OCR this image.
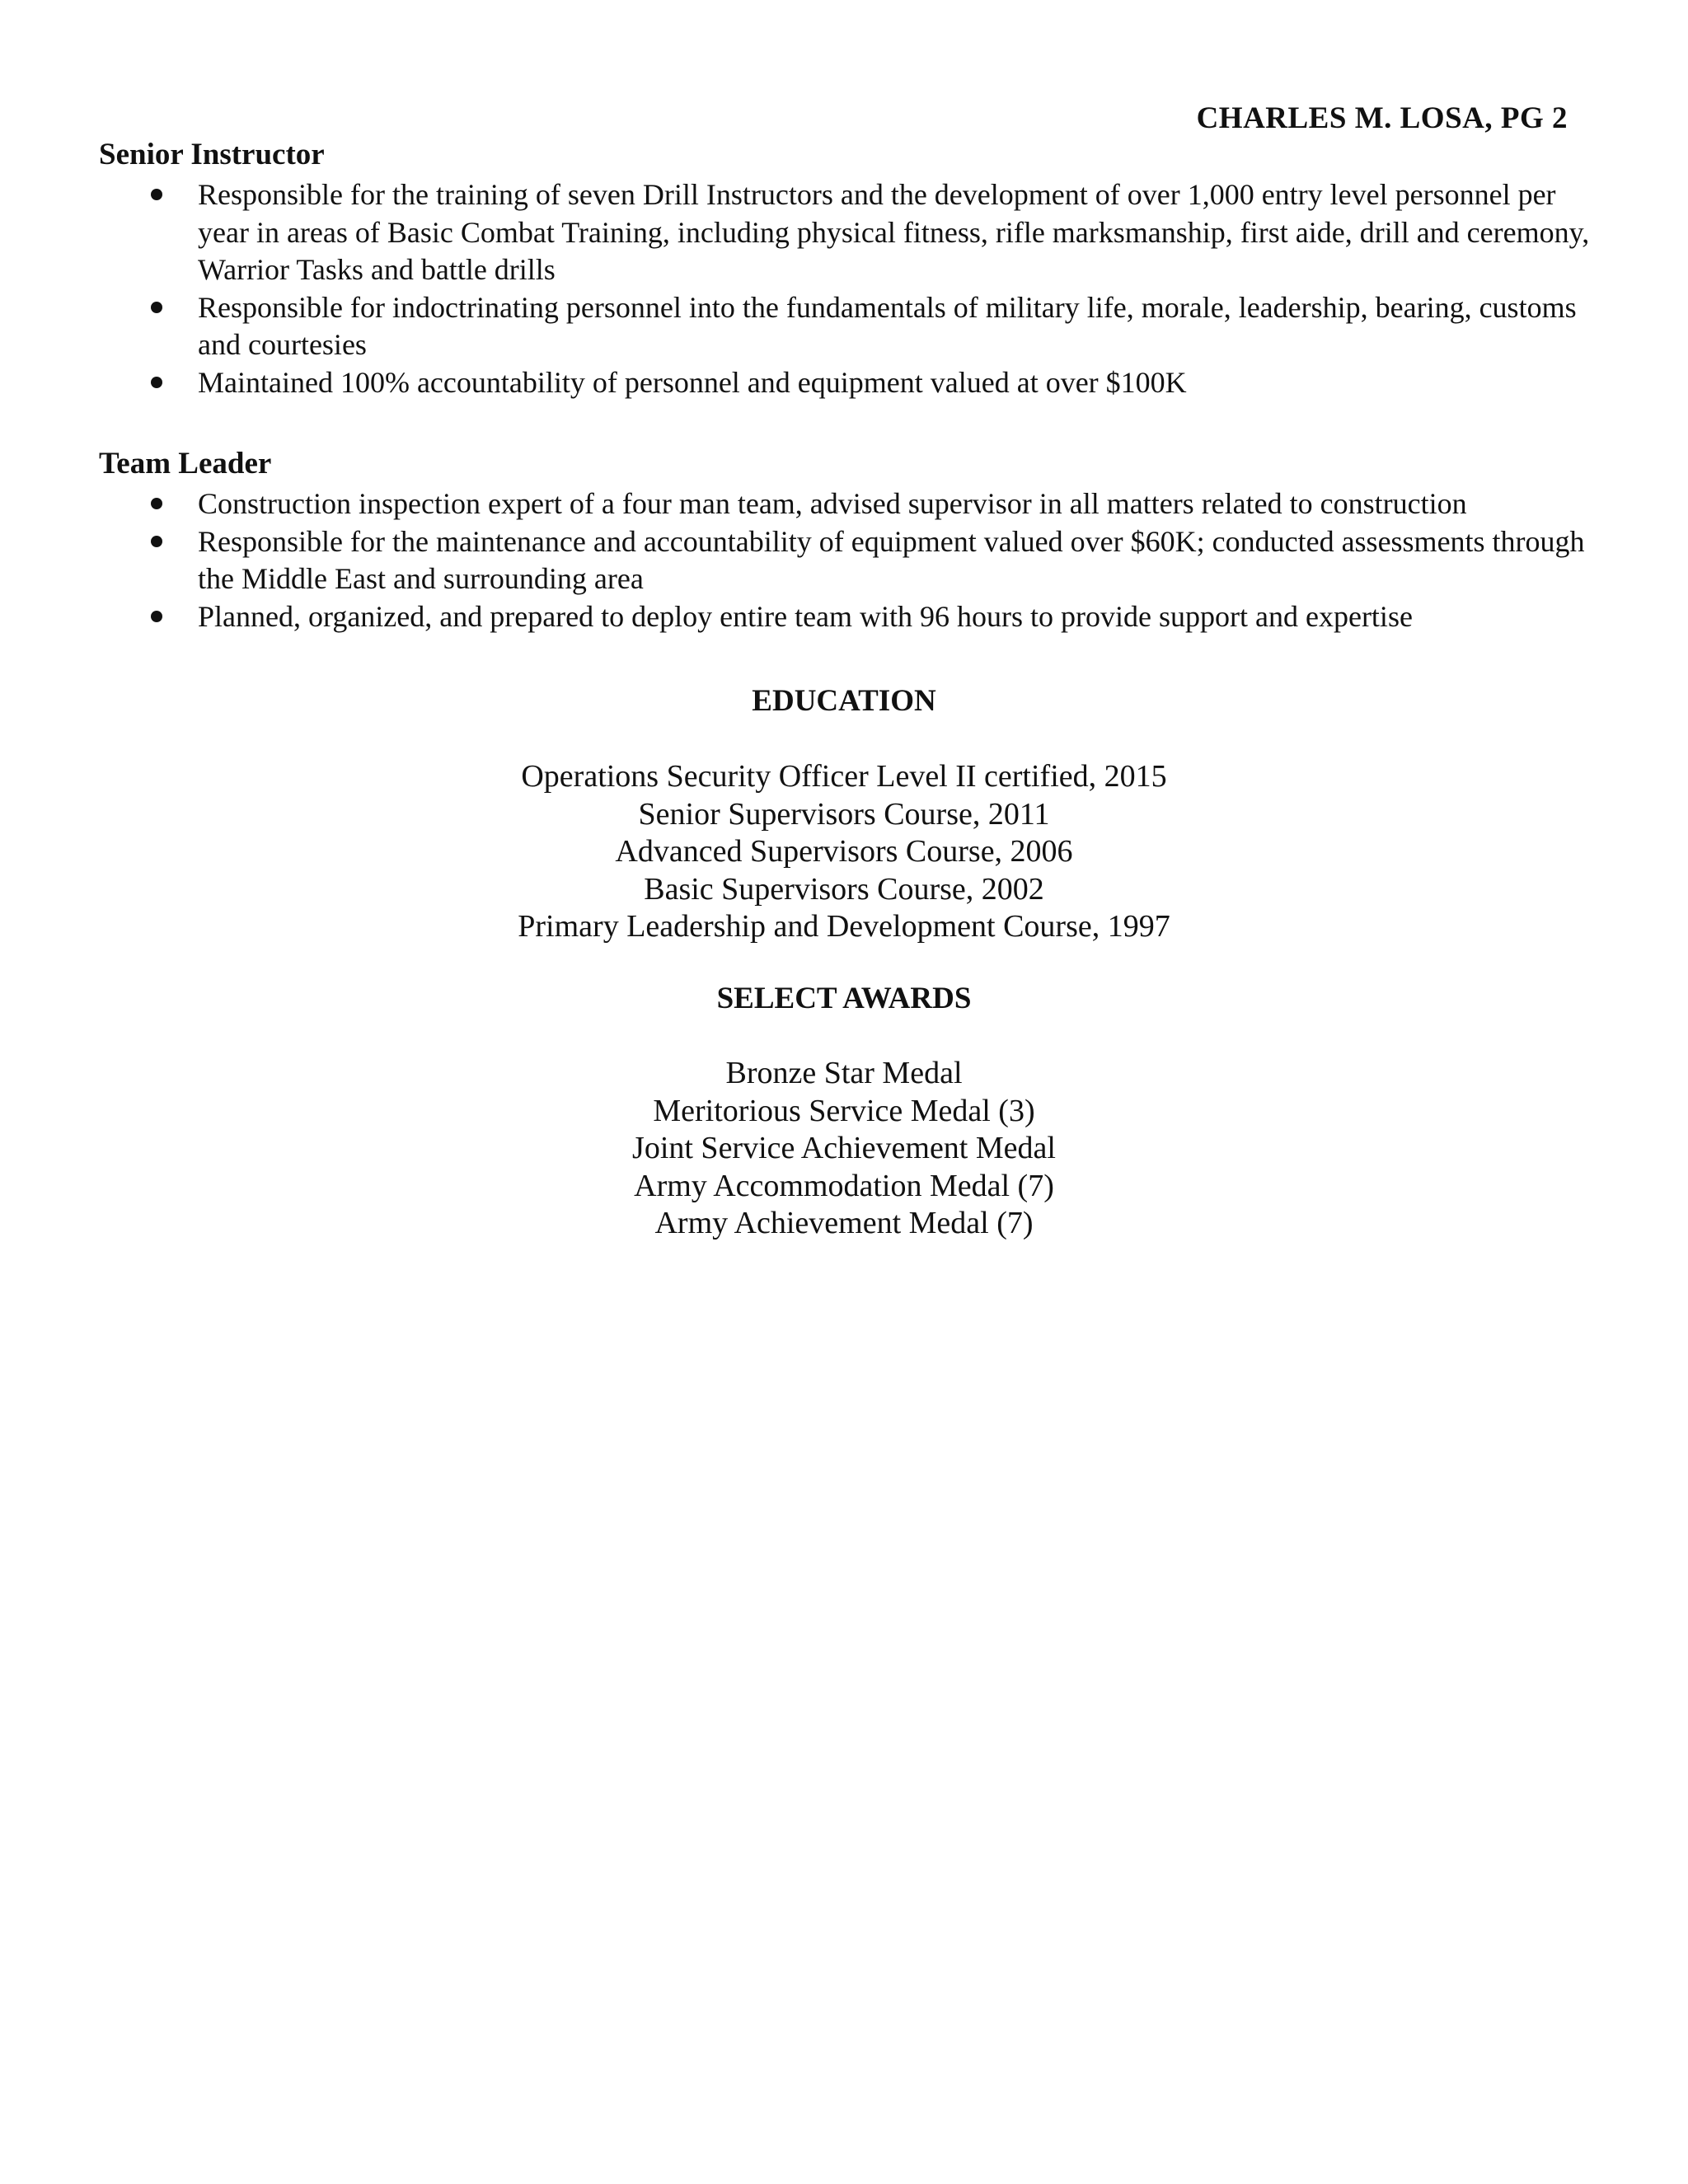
CHARLES M. LOSA, PG 2
Senior Instructor
Responsible for the training of seven Drill Instructors and the development of over 1,000 entry level personnel per year in areas of Basic Combat Training, including physical fitness, rifle marksmanship, first aide, drill and ceremony, Warrior Tasks and battle drills
Responsible for indoctrinating personnel into the fundamentals of military life, morale, leadership, bearing, customs and courtesies
Maintained 100% accountability of personnel and equipment valued at over $100K
Team Leader
Construction inspection expert of a four man team, advised supervisor in all matters related to construction
Responsible for the maintenance and accountability of equipment valued over $60K; conducted assessments through the Middle East and surrounding area
Planned, organized, and prepared to deploy entire team with 96 hours to provide support and expertise
EDUCATION
Operations Security Officer Level II certified, 2015
Senior Supervisors Course, 2011
Advanced Supervisors Course, 2006
Basic Supervisors Course, 2002
Primary Leadership and Development Course, 1997
SELECT AWARDS
Bronze Star Medal
Meritorious Service Medal (3)
Joint Service Achievement Medal
Army Accommodation Medal (7)
Army Achievement Medal (7)
